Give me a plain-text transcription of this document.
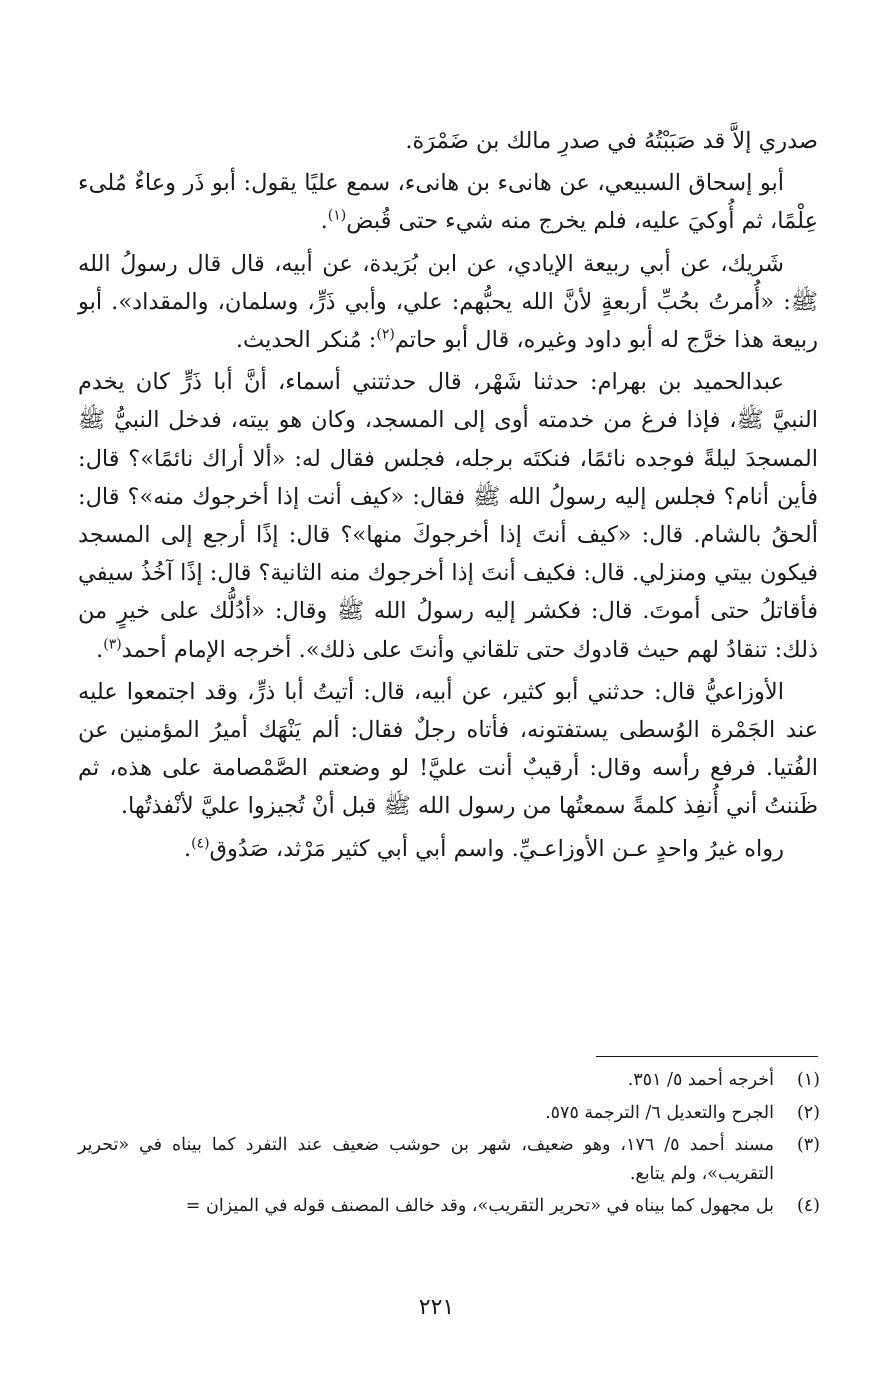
صدري إلاَّ قد صَبَبْتُهُ في صدرِ مالك بن ضَمْرَة.

أبو إسحاق السبيعي، عن هانىء بن هانىء، سمع عليًا يقول: أبو ذَر وعاءٌ مُلىء عِلْمًا، ثم أُوكيَ عليه، فلم يخرج منه شيء حتى قُبض$^{(١)}$.

شَريك، عن أبي ربيعة الإيادي، عن ابن بُرَيدة، عن أبيه، قال قال رسولُ الله ﷺ: «أُمرتُ بحُبِّ أربعةٍ لأنَّ الله يحبُّهم: علي، وأبي ذَرٍّ، وسلمان، والمقداد». أبو ربيعة هذا خرَّج له أبو داود وغيره، قال أبو حاتم$^{(٢)}$: مُنكر الحديث.

عبدالحميد بن بهرام: حدثنا شَهْر، قال حدثتني أسماء، أنَّ أبا ذَرٍّ كان يخدم النبيَّ ﷺ، فإذا فرغ من خدمته أوى إلى المسجد، وكان هو بيته، فدخل النبيُّ ﷺ المسجدَ ليلةً فوجده نائمًا، فنكتَه برجله، فجلس فقال له: «ألا أراك نائمًا»؟ قال: فأين أنام؟ فجلس إليه رسولُ الله ﷺ فقال: «كيف أنت إذا أخرجوك منه»؟ قال: ألحقُ بالشام. قال: «كيف أنتَ إذا أخرجوكَ منها»؟ قال: إذًا أرجع إلى المسجد فيكون بيتي ومنزلي. قال: فكيف أنتَ إذا أخرجوك منه الثانية؟ قال: إذًا آخُذُ سيفي فأقاتلُ حتى أموتَ. قال: فكشر إليه رسولُ الله ﷺ وقال: «أدُلُّك على خيرٍ من ذلك: تنقادُ لهم حيث قادوك حتى تلقاني وأنتَ على ذلك». أخرجه الإمام أحمد$^{(٣)}$.

الأوزاعيُّ قال: حدثني أبو كثير، عن أبيه، قال: أتيتُ أبا ذرٍّ، وقد اجتمعوا عليه عند الجَمْرة الوُسطى يستفتونه، فأتاه رجلٌ فقال: ألم يَنْهَك أميرُ المؤمنين عن الفُتيا. فرفع رأسه وقال: أرقيبٌ أنت عليَّ! لو وضعتم الصَّمْصامة على هذه، ثم ظَننتُ أني أُنفِذ كلمةً سمعتُها من رسول الله ﷺ قبل أنْ تُجيزوا عليَّ لأنْفذتُها.

رواه غيرُ واحدٍ عـن الأوزاعـيِّ. واسم أبي أبي كثير مَرْثد، صَدُوق$^{(٤)}$.

(١)
أخرجه أحمد ٥/ ٣٥١.
(٢)
الجرح والتعديل ٦/ الترجمة ٥٧٥.
(٣)
مسند أحمد ٥/ ١٧٦، وهو ضعيف، شهر بن حوشب ضعيف عند التفرد كما بيناه في «تحرير التقريب»، ولم يتابع.
(٤)
بل مجهول كما بيناه في «تحرير التقريب»، وقد خالف المصنف قوله في الميزان =
٢٢١
